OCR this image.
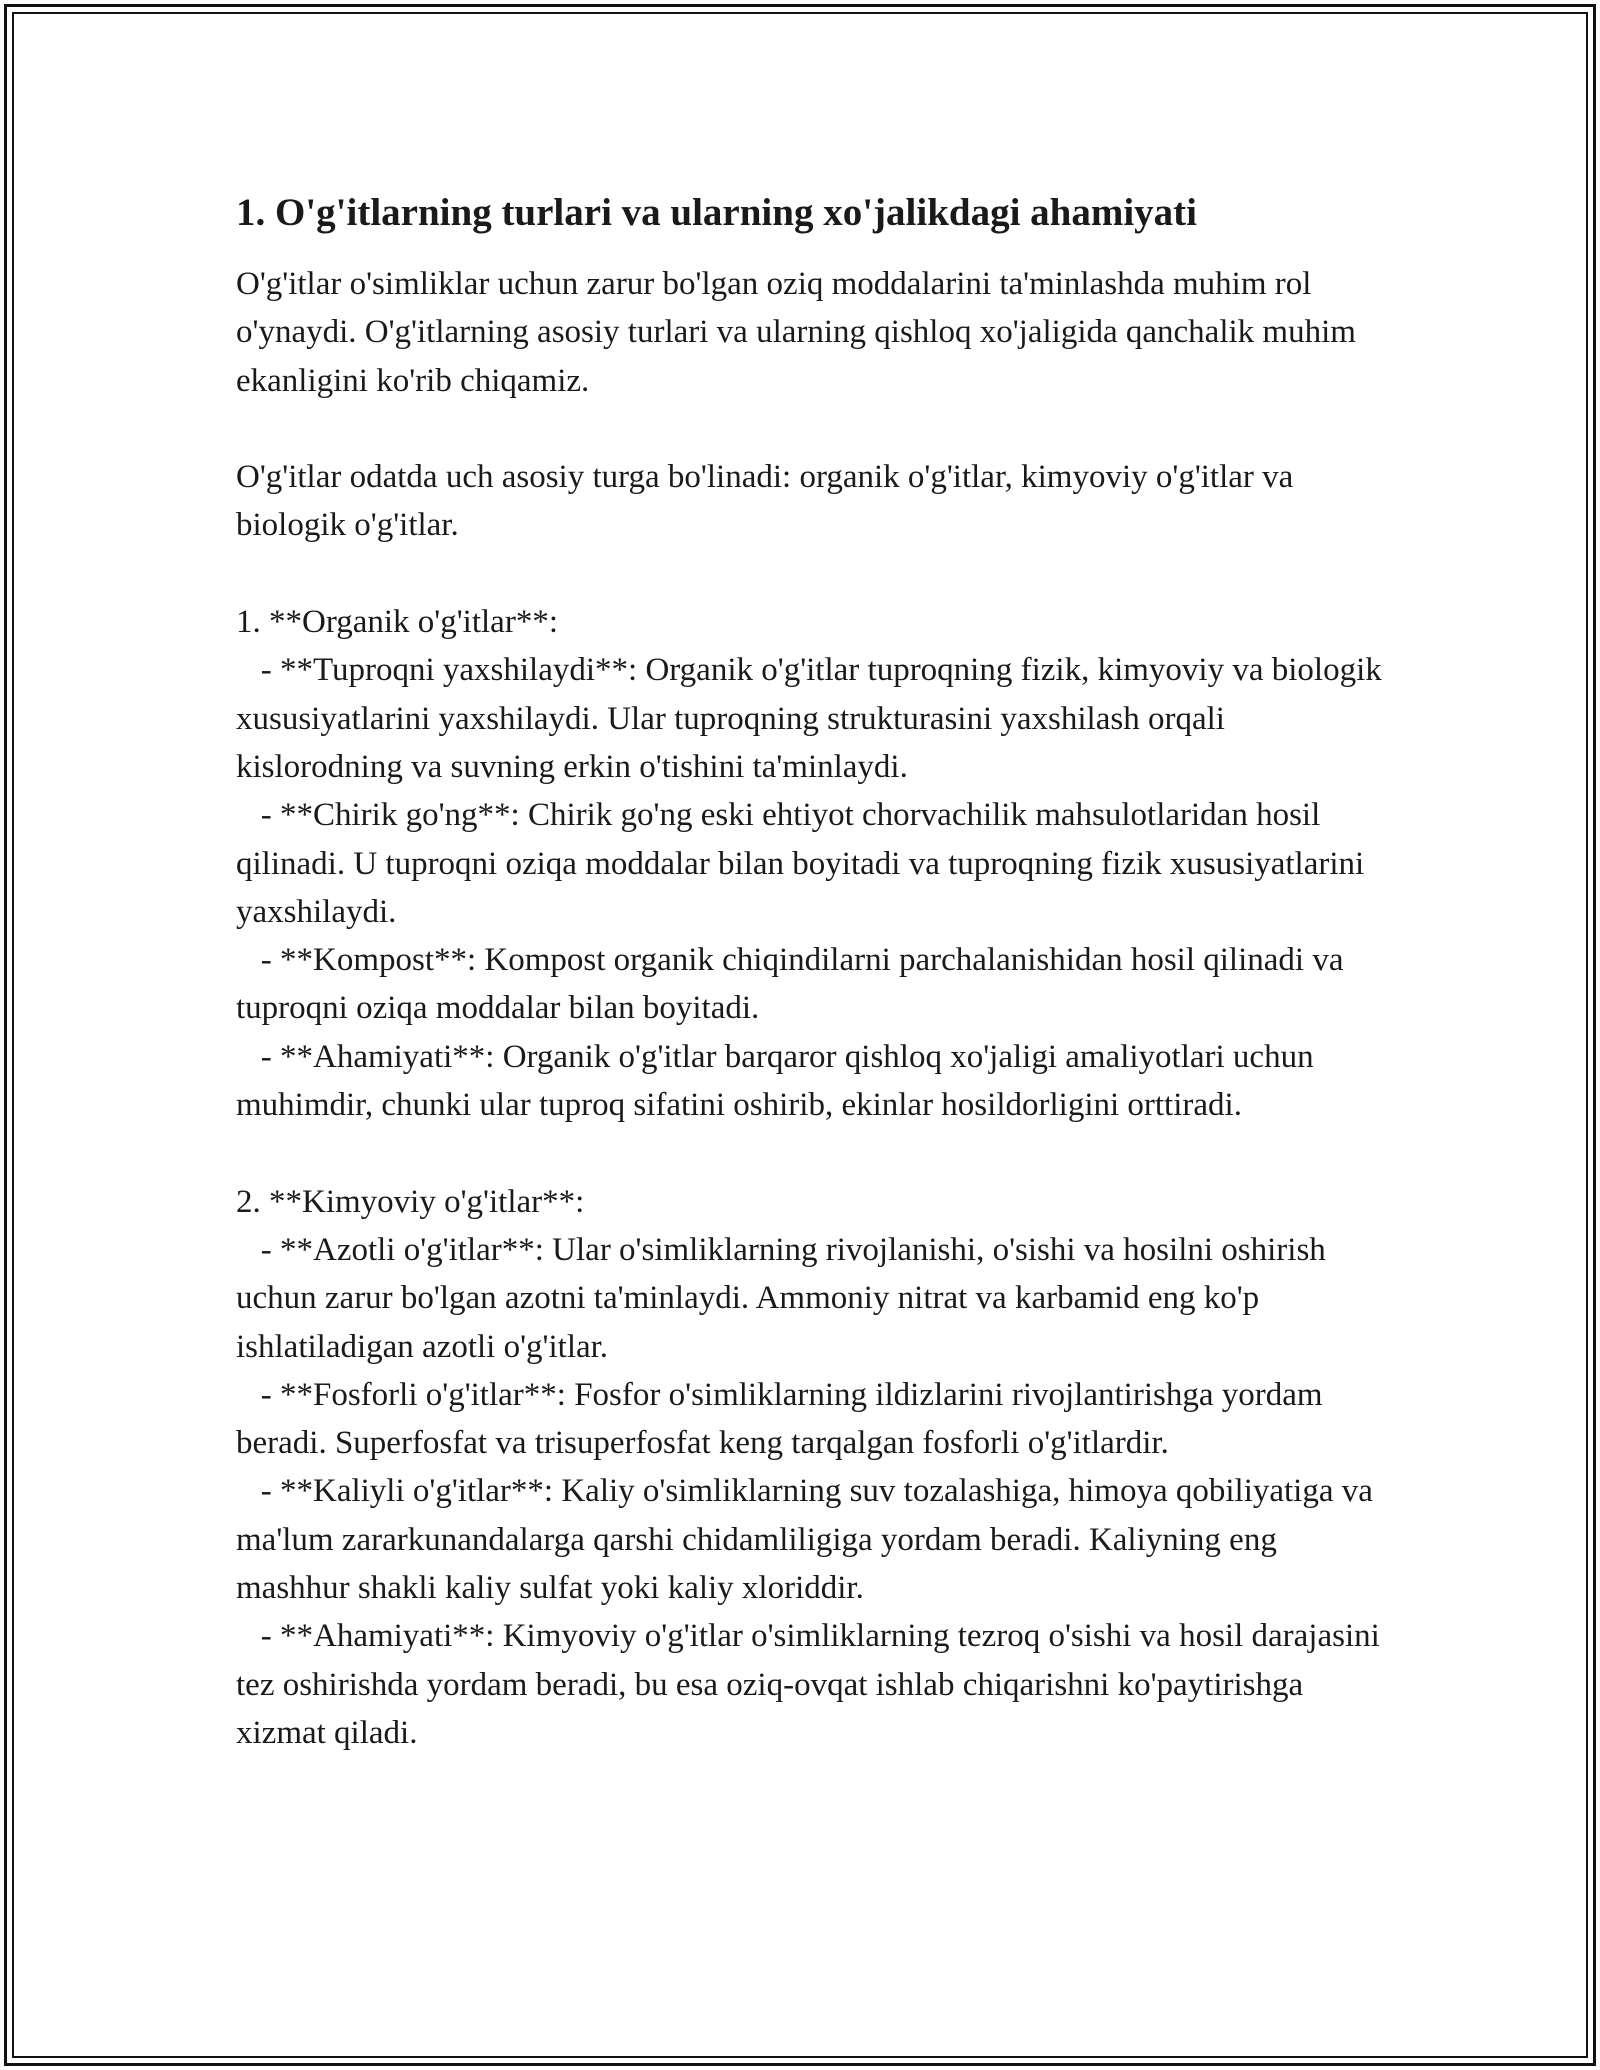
1. O'g'itlarning turlari va ularning xo'jalikdagi ahamiyati

O'g'itlar o'simliklar uchun zarur bo'lgan oziq moddalarini ta'minlashda muhim rol o'ynaydi. O'g'itlarning asosiy turlari va ularning qishloq xo'jaligida qanchalik muhim ekanligini ko'rib chiqamiz.

O'g'itlar odatda uch asosiy turga bo'linadi: organik o'g'itlar, kimyoviy o'g'itlar va biologik o'g'itlar.

1. **Organik o'g'itlar**:

- **Tuproqni yaxshilaydi**: Organik o'g'itlar tuproqning fizik, kimyoviy va biologik xususiyatlarini yaxshilaydi. Ular tuproqning strukturasini yaxshilash orqali kislorodning va suvning erkin o'tishini ta'minlaydi.

- **Chirik go'ng**: Chirik go'ng eski ehtiyot chorvachilik mahsulotlaridan hosil qilinadi. U tuproqni oziqa moddalar bilan boyitadi va tuproqning fizik xususiyatlarini yaxshilaydi.

- **Kompost**: Kompost organik chiqindilarni parchalanishidan hosil qilinadi va tuproqni oziqa moddalar bilan boyitadi.

- **Ahamiyati**: Organik o'g'itlar barqaror qishloq xo'jaligi amaliyotlari uchun muhimdir, chunki ular tuproq sifatini oshirib, ekinlar hosildorligini orttiradi.

2. **Kimyoviy o'g'itlar**:

- **Azotli o'g'itlar**: Ular o'simliklarning rivojlanishi, o'sishi va hosilni oshirish uchun zarur bo'lgan azotni ta'minlaydi. Ammoniy nitrat va karbamid eng ko'p ishlatiladigan azotli o'g'itlar.

- **Fosforli o'g'itlar**: Fosfor o'simliklarning ildizlarini rivojlantirishga yordam beradi. Superfosfat va trisuperfosfat keng tarqalgan fosforli o'g'itlardir.

- **Kaliyli o'g'itlar**: Kaliy o'simliklarning suv tozalashiga, himoya qobiliyatiga va ma'lum zararkunandalarga qarshi chidamliligiga yordam beradi. Kaliyning eng mashhur shakli kaliy sulfat yoki kaliy xloriddir.

- **Ahamiyati**: Kimyoviy o'g'itlar o'simliklarning tezroq o'sishi va hosil darajasini tez oshirishda yordam beradi, bu esa oziq-ovqat ishlab chiqarishni ko'paytirishga xizmat qiladi.
